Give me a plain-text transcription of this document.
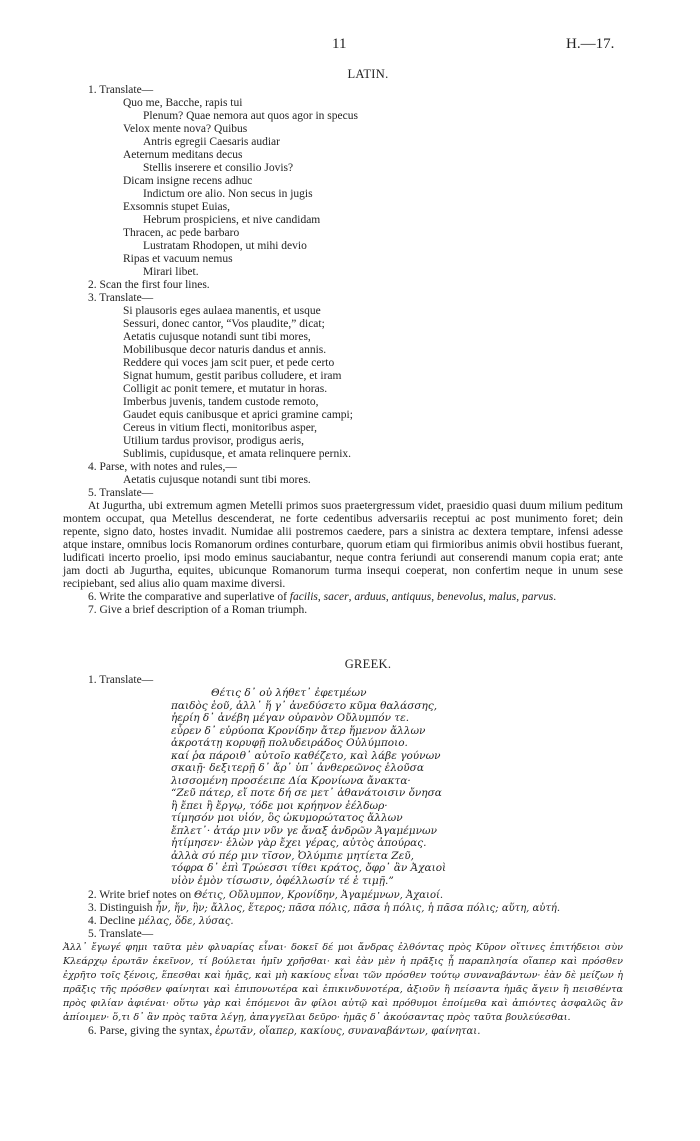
11	H.—17.
LATIN.
1. Translate—
Quo me, Bacche, rapis tui
Plenum? Quae nemora aut quos agor in specus
Velox mente nova? Quibus
Antris egregii Caesaris audiar
Aeternum meditans decus
Stellis inserere et consilio Jovis?
Dicam insigne recens adhuc
Indictum ore alio. Non secus in jugis
Exsomnis stupet Euias,
Hebrum prospiciens, et nive candidam
Thracen, ac pede barbaro
Lustratam Rhodopen, ut mihi devio
Ripas et vacuum nemus
Mirari libet.
2. Scan the first four lines.
3. Translate—
Si plausoris eges aulaea manentis, et usque
Sessuri, donec cantor, “Vos plaudite,” dicat;
Aetatis cujusque notandi sunt tibi mores,
Mobilibusque decor naturis dandus et annis.
Reddere qui voces jam scit puer, et pede certo
Signat humum, gestit paribus colludere, et iram
Colligit ac ponit temere, et mutatur in horas.
Imberbus juvenis, tandem custode remoto,
Gaudet equis canibusque et aprici gramine campi;
Cereus in vitium flecti, monitoribus asper,
Utilium tardus provisor, prodigus aeris,
Sublimis, cupidusque, et amata relinquere pernix.
4. Parse, with notes and rules,—
Aetatis cujusque notandi sunt tibi mores.
5. Translate—
At Jugurtha, ubi extremum agmen Metelli primos suos praetergressum videt, praesidio quasi duum milium peditum montem occupat, qua Metellus descenderat, ne forte cedentibus adversariis receptui ac post munimento foret; dein repente, signo dato, hostes invadit. Numidae alii postremos caedere, pars a sinistra ac dextera temptare, infensi adesse atque instare, omnibus locis Romanorum ordines conturbare, quorum etiam qui firmioribus animis obvii hostibus fuerant, ludificati incerto proelio, ipsi modo eminus sauciabantur, neque contra feriundi aut conserendi manum copia erat; ante jam docti ab Jugurtha, equites, ubicunque Romanorum turma insequi coeperat, non confertim neque in unum sese recipiebant, sed alius alio quam maxime diversi.
6. Write the comparative and superlative of facilis, sacer, arduus, antiquus, benevolus, malus, parvus.
7. Give a brief description of a Roman triumph.
GREEK.
1. Translate—
Θέτις δ᾽ οὐ λήθετ᾽ ἐφετμέων
παιδὸς ἑοῦ, ἀλλ᾽ ἥ γ᾽ ἀνεδύσετο κῦμα θαλάσσης,
ἠερίη δ᾽ ἀνέβη μέγαν οὐρανὸν Οὔλυμπόν τε.
εὗρεν δ᾽ εὐρύοπα Κρονίδην ἄτερ ἥμενον ἄλλων
ἀκροτάτῃ κορυφῇ πολυδειράδος Οὐλύμποιο.
καί ῥα πάροιθ᾽ αὐτοῖο καθέζετο, καὶ λάβε γούνων
σκαιῇ· δεξιτερῇ δ᾽ ἄρ᾽ ὑπ᾽ ἀνθερεῶνος ἑλοῦσα
λισσομένη προσέειπε Δία Κρονίωνα ἄνακτα·
“Ζεῦ πάτερ, εἴ ποτε δή σε μετ᾽ ἀθανάτοισιν ὄνησα
ἢ ἔπει ἢ ἔργῳ, τόδε μοι κρήηνον ἐέλδωρ·
τίμησόν μοι υἱόν, ὃς ὠκυμορώτατος ἄλλων
ἔπλετ᾽· ἀτάρ μιν νῦν γε ἄναξ ἀνδρῶν Ἀγαμέμνων
ἠτίμησεν· ἑλὼν γὰρ ἔχει γέρας, αὐτὸς ἀπούρας.
ἀλλὰ σύ πέρ μιν τῖσον, Ὀλύμπιε μητίετα Ζεῦ,
τόφρα δ᾽ ἐπὶ Τρώεσσι τίθει κράτος, ὄφρ᾽ ἂν Ἀχαιοὶ
υἱὸν ἐμὸν τίσωσιν, ὀφέλλωσίν τέ ἑ τιμῇ.”
2. Write brief notes on Θέτις, Οὔλυμπον, Κρονίδην, Ἀγαμέμνων, Ἀχαιοί.
3. Distinguish ἦν, ἥν, ἣν; ἄλλος, ἕτερος; πᾶσα πόλις, πᾶσα ἡ πόλις, ἡ πᾶσα πόλις; αὕτη, αὐτή.
4. Decline μέλας, ὅδε, λύσας.
5. Translate—
Ἀλλ᾽ ἔγωγέ φημι ταῦτα μὲν φλυαρίας εἶναι· δοκεῖ δέ μοι ἄνδρας ἐλθόντας πρὸς Κῦρον οἵτινες ἐπιτήδειοι σὺν Κλεάρχῳ ἐρωτᾶν ἐκεῖνον, τί βούλεται ἡμῖν χρῆσθαι· καὶ ἐὰν μὲν ἡ πρᾶξις ᾖ παραπλησία οἵαπερ καὶ πρόσθεν ἐχρῆτο τοῖς ξένοις, ἕπεσθαι καὶ ἡμᾶς, καὶ μὴ κακίους εἶναι τῶν πρόσθεν τούτῳ συναναβάντων· ἐὰν δὲ μείζων ἡ πρᾶξις τῆς πρόσθεν φαίνηται καὶ ἐπιπονωτέρα καὶ ἐπικινδυνοτέρα, ἀξιοῦν ἢ πείσαντα ἡμᾶς ἄγειν ἢ πεισθέντα πρὸς φιλίαν ἀφιέναι· οὕτω γὰρ καὶ ἑπόμενοι ἂν φίλοι αὐτῷ καὶ πρόθυμοι ἑποίμεθα καὶ ἀπιόντες ἀσφαλῶς ἂν ἀπίοιμεν· ὅ,τι δ᾽ ἂν πρὸς ταῦτα λέγῃ, ἀπαγγεῖλαι δεῦρο· ἡμᾶς δ᾽ ἀκούσαντας πρὸς ταῦτα βουλεύεσθαι.
6. Parse, giving the syntax, ἐρωτᾶν, οἵαπερ, κακίους, συναναβάντων, φαίνηται.
